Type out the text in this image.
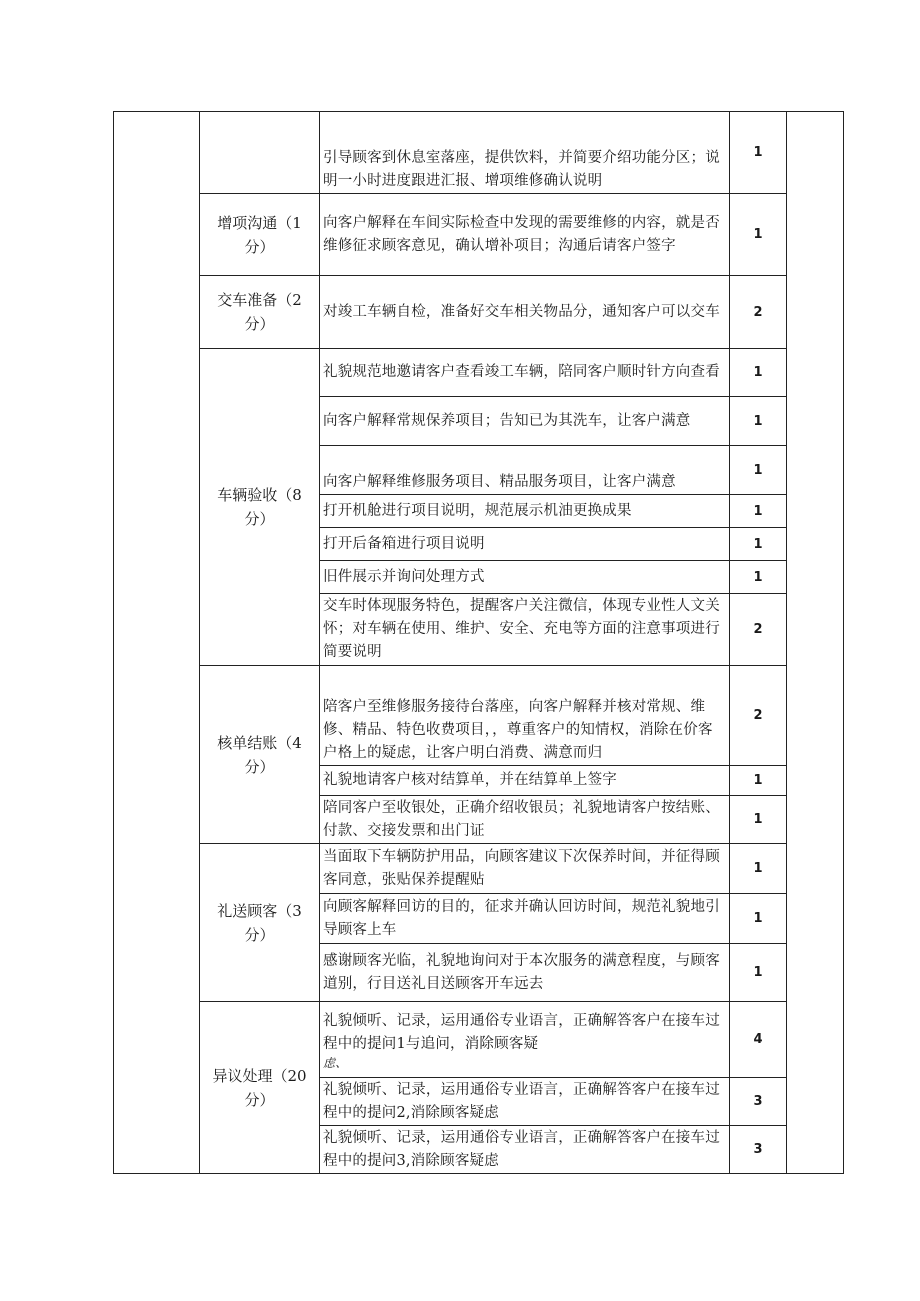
		引导顾客到休息室落座，提供饮料，并简要介绍功能分区；说明一小时进度跟进汇报、增项维修确认说明	1	

	增项沟通（1
分）	向客户解释在车间实际检查中发现的需要维修的内容，就是否维修征求顾客意见，确认增补项目；沟通后请客户签字	1	

	交车准备（2
分）	对竣工车辆自检，准备好交车相关物品分，通知客户可以交车	2	

	车辆验收（8
分）	礼貌规范地邀请客户查看竣工车辆，陪同客户顺时针方向查看	1	
		向客户解释常规保养项目；告知已为其洗车，让客户满意	1	
		向客户解释维修服务项目、精品服务项目，让客户满意	1	
		打开机舱进行项目说明，规范展示机油更换成果	1	
		打开后备箱进行项目说明	1	
		旧件展示并询问处理方式	1	
		交车时体现服务特色，提醒客户关注微信，体现专业性人文关怀；对车辆在使用、维护、安全、充电等方面的注意事项进行简要说明	2	

	核单结账（4
分）	陪客户至维修服务接待台落座，向客户解释并核对常规、维修、精品、特色收费项目，，尊重客户的知情权，消除在价客户格上的疑虑，让客户明白消费、满意而归	2	
		礼貌地请客户核对结算单，并在结算单上签字	1	
		陪同客户至收银处，正确介绍收银员；礼貌地请客户按结账、付款、交接发票和出门证	1	

	礼送顾客（3
分）	当面取下车辆防护用品，向顾客建议下次保养时间，并征得顾客同意，张贴保养提醒贴	1	
		向顾客解释回访的目的，征求并确认回访时间，规范礼貌地引导顾客上车	1	
		感谢顾客光临，礼貌地询问对于本次服务的满意程度，与顾客道别，行目送礼目送顾客开车远去	1	

	异议处理（20
分）	礼貌倾听、记录，运用通俗专业语言，正确解答客户在接车过程中的提问1与追问，消除顾客疑
虑、	4	
		礼貌倾听、记录，运用通俗专业语言，正确解答客户在接车过程中的提问2,消除顾客疑虑	3	
		礼貌倾听、记录，运用通俗专业语言，正确解答客户在接车过程中的提问3,消除顾客疑虑	3	
